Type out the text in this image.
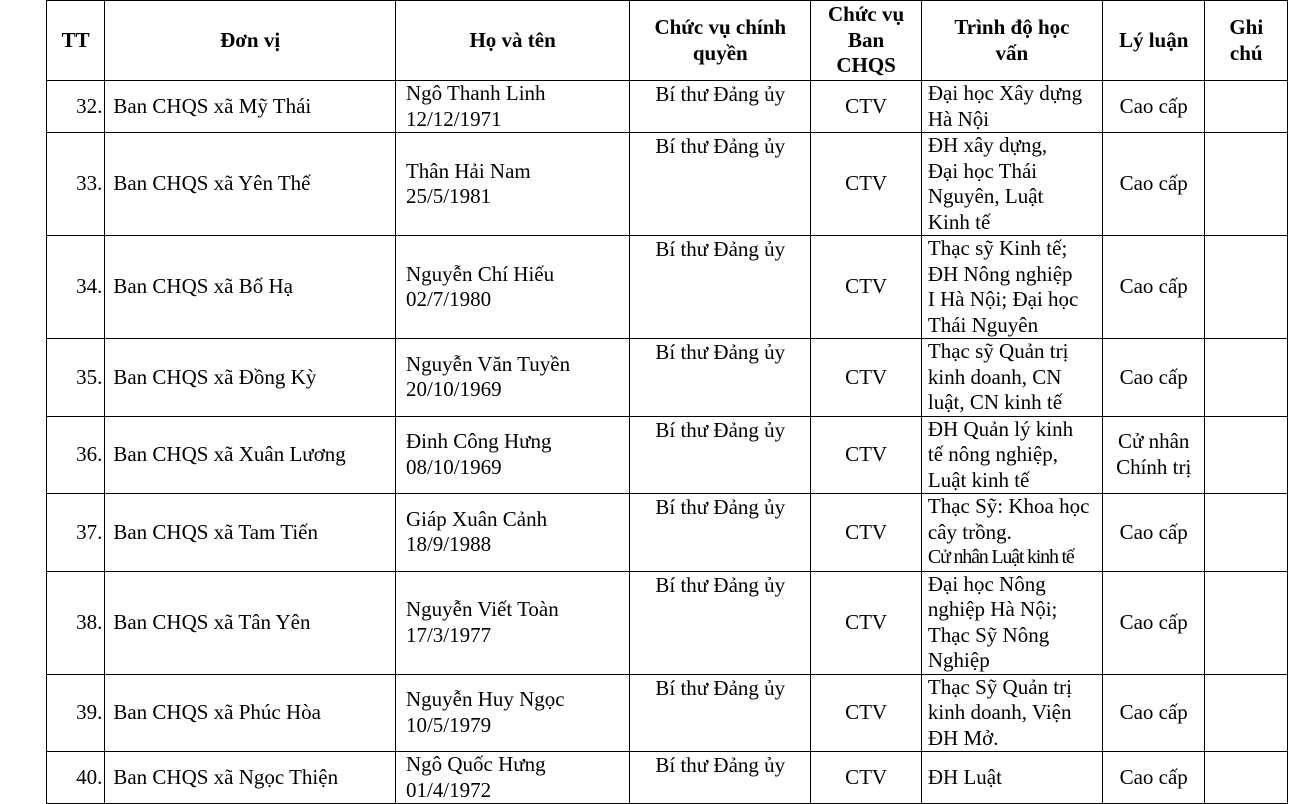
TT	Đơn vị	Họ và tên	Chức vụ chính
quyền	Chức vụ
Ban
CHQS	Trình độ học
vấn	Lý luận	Ghi
chú

32.	Ban CHQS xã Mỹ Thái	Ngô Thanh Linh
12/12/1971	Bí thư Đảng ủy	CTV	Đại học Xây dựng
Hà Nội	Cao cấp	

33.	Ban CHQS xã Yên Thế	Thân Hải Nam
25/5/1981	Bí thư Đảng ủy	CTV	ĐH xây dựng,
Đại học Thái
Nguyên, Luật
Kinh tế	Cao cấp	

34.	Ban CHQS xã Bố Hạ	Nguyễn Chí Hiếu
02/7/1980	Bí thư Đảng ủy	CTV	Thạc sỹ Kinh tế;
ĐH Nông nghiệp
I Hà Nội; Đại học
Thái Nguyên	Cao cấp	

35.	Ban CHQS xã Đồng Kỳ	Nguyễn Văn Tuyền
20/10/1969	Bí thư Đảng ủy	CTV	Thạc sỹ Quản trị
kinh doanh, CN
luật, CN kinh tế	Cao cấp	

36.	Ban CHQS xã Xuân Lương	Đinh Công Hưng
08/10/1969	Bí thư Đảng ủy	CTV	ĐH Quản lý kinh
tế nông nghiệp,
Luật kinh tế	Cử nhân
Chính trị	

37.	Ban CHQS xã Tam Tiến	Giáp Xuân Cảnh
18/9/1988	Bí thư Đảng ủy	CTV	Thạc Sỹ: Khoa học
cây trồng.
Cử nhân Luật kinh tế	Cao cấp	

38.	Ban CHQS xã Tân Yên	Nguyễn Viết Toàn
17/3/1977	Bí thư Đảng ủy	CTV	Đại học Nông
nghiệp Hà Nội;
Thạc Sỹ Nông
Nghiệp	Cao cấp	

39.	Ban CHQS xã Phúc Hòa	Nguyễn Huy Ngọc
10/5/1979	Bí thư Đảng ủy	CTV	Thạc Sỹ Quản trị
kinh doanh, Viện
ĐH Mở.	Cao cấp	

40.	Ban CHQS xã Ngọc Thiện	Ngô Quốc Hưng
01/4/1972	Bí thư Đảng ủy	CTV	ĐH Luật	Cao cấp	
